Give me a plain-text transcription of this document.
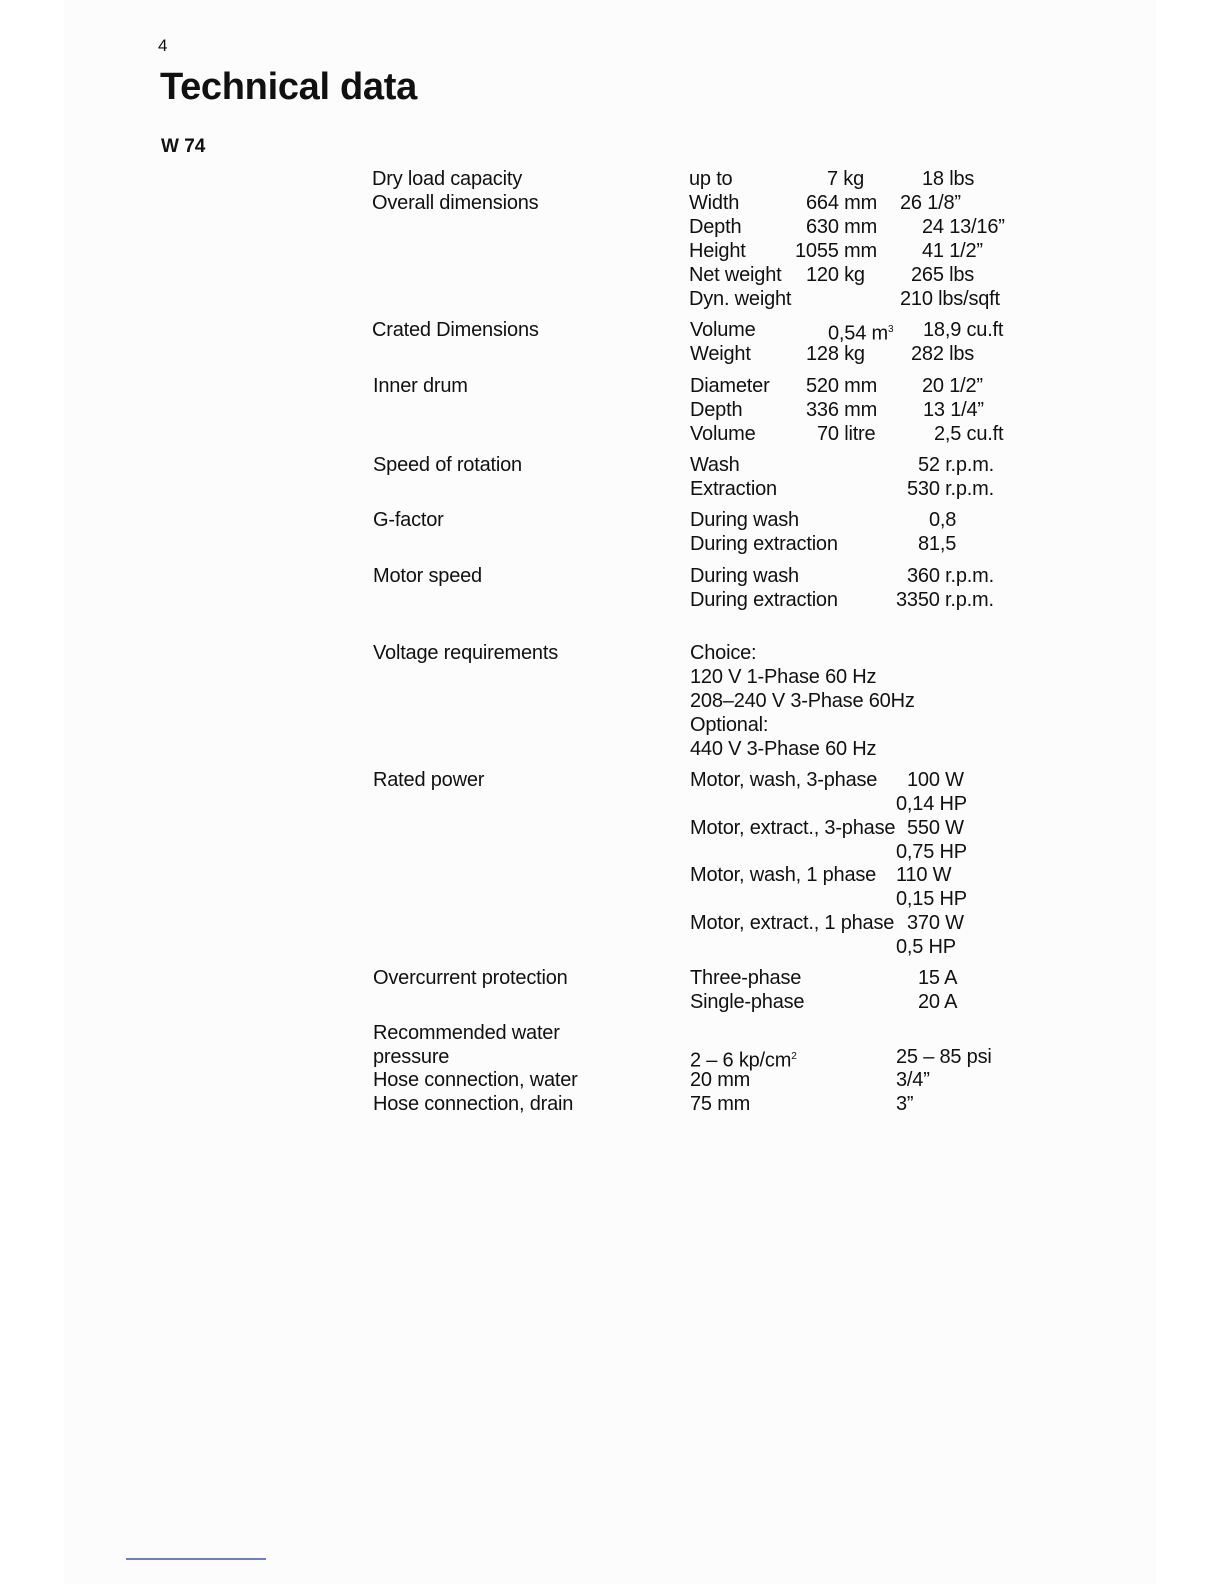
4
Technical data
W 74
Dry load capacity	up to	7 kg	18 lbs
Overall dimensions	Width	664 mm 26 1/8”
Depth	630 mm 24 13/16”
Height 1055 mm 41 1/2”
Net weight 120 kg 265 lbs
Dyn. weight	210 lbs/sqft
Crated Dimensions	Volume	0,54 $m^3$ 18,9 cu.ft
Weight	128 kg 282 lbs
Inner drum	Diameter 520 mm 20 1/2”
Depth	336 mm 13 1/4”
Volume	70 litre	2,5 cu.ft
Speed of rotation	Wash	52 r.p.m.
Extraction	530 r.p.m.
G-factor	During wash	0,8
During extraction	81,5
Motor speed	During wash	360 r.p.m.
During extraction	3350 r.p.m.
Voltage requirements	Choice:
120 V 1-Phase 60 Hz
208–240 V 3-Phase 60Hz
Optional:
440 V 3-Phase 60 Hz
Rated power	Motor, wash, 3-phase 100 W
0,14 HP
Motor, extract., 3-phase 550 W
0,75 HP
Motor, wash, 1 phase 110 W
0,15 HP
Motor, extract., 1 phase 370 W
0,5 HP
Overcurrent protection	Three-phase	15 A
Single-phase	20 A
Recommended water
pressure	2 – 6 $kp/cm^2$	25 – 85 psi
Hose connection, water	20 mm	3/4”
Hose connection, drain	75 mm	3”
